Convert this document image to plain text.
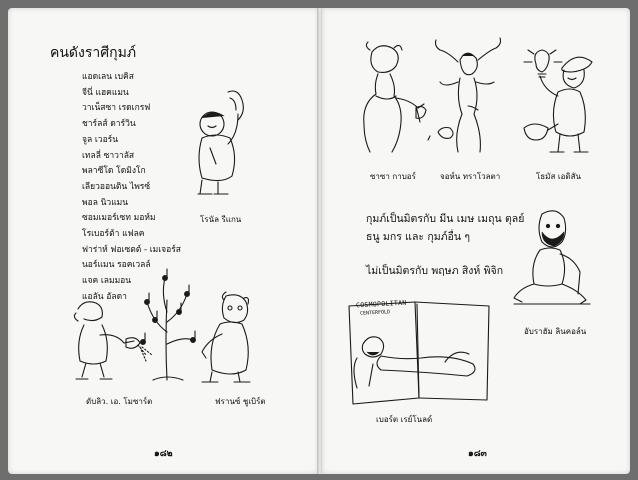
คนดังราศีกุมภ์
แอดเลน เบคิส
จีนี่ แฮคแมน
วาเน็สซา เรดเกรฟ
ชาร์ลส์ ดาร์วิน
จูล เวอร์น
เทลลี่ ซาวาลัส
พลาซีโด โดมิงโก
เลียวออนติน ไพรซ์
พอล นิวแมน
ซอมเมอร์เซท มอห์ม
โรเบอร์ต้า แฟลค
ฟาร่าห์ ฟอเซตต์ - เมเจอร์ส
นอร์แมน รอคเวลล์
แจค เลมมอน
แอลัน อัลดา
โรนัล รีแกน
ดับลิว. เอ. โมซาร์ต	ฟรานซ์ ชูเบิร์ต
๑๘๒
ซาซา กาบอร์	จอห์น ทราโวลตา	โธมัส เอดิสัน
กุมภ์เป็นมิตรกับ มีน เมษ เมถุน ตุลย์
ธนู มกร และ กุมภ์อื่น ๆ
ไม่เป็นมิตรกับ พฤษภ สิงห์ พิจิก
อับราฮัม ลินคอล์น
COSMOPOLITAN
CENTERFOLD
เบอร์ต เรย์โนลด์
๑๘๓
